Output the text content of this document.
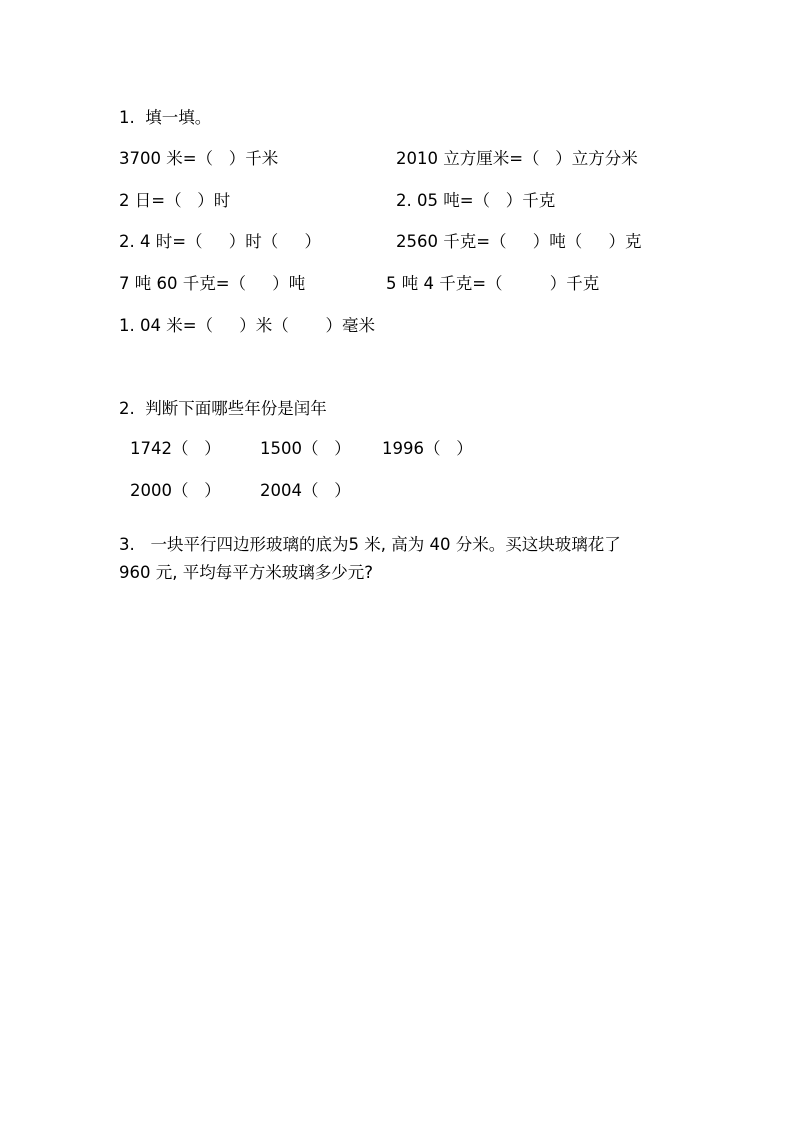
1.  填一填。
3700 米=（   ）千米	2010 立方厘米=（   ）立方分米
2 日=（   ）时	2. 05 吨=（   ）千克
2. 4 时=（     ）时（     ）	2560 千克=（     ）吨（     ）克
7 吨 60 千克=（     ）吨	5 吨 4 千克=（         ）千克
1. 04 米=（     ）米（       ）毫米
2.  判断下面哪些年份是闰年
1742（   ） 1500（   ） 1996（   ）
2000（   ） 2004（   ）
3.   一块平行四边形玻璃的底为5 米, 高为 40 分米。买这块玻璃花了
960 元, 平均每平方米玻璃多少元?
